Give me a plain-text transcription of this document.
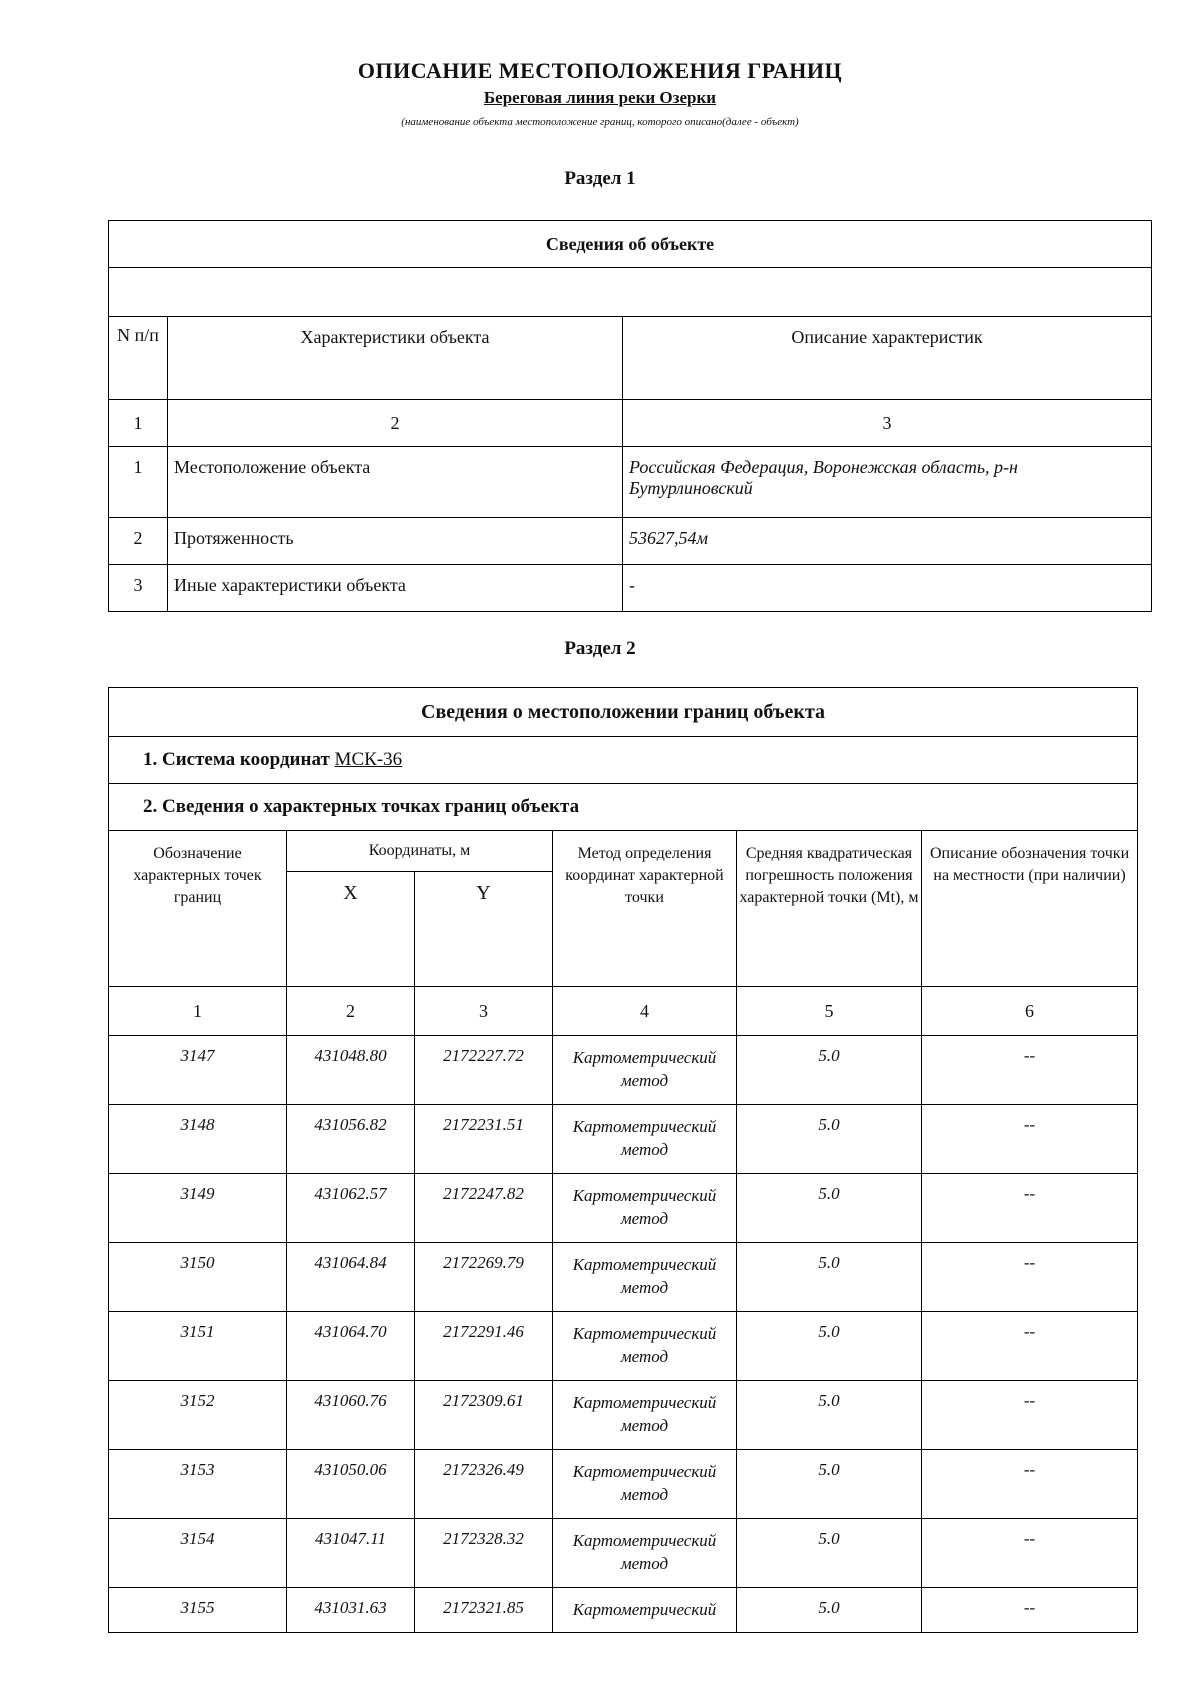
ОПИСАНИЕ МЕСТОПОЛОЖЕНИЯ ГРАНИЦ
Береговая линия реки Озерки
(наименование объекта местоположение границ, которого описано(далее - объект)
Раздел 1
Сведения об объекте		

N п/п	Характеристики объекта	Описание характеристик
1	2	3
1	Местоположение объекта	Российская Федерация, Воронежская область, р-н Бутурлиновский
2	Протяженность	53627,54м
3	Иные характеристики объекта	-
Раздел 2
Сведения о местоположении границ объекта					
1. Система координат МСК-36					
2. Сведения о характерных точках границ объекта					
Обозначение характерных точек границ	Координаты, м		Метод определения координат характерной точки	Средняя квадратическая погрешность положения характерной точки (Мt), м	Описание обозначения точки на местности (при наличии)
	X	Y			
1	2	3	4	5	6
3147	431048.80	2172227.72	Картометрический метод	5.0	--
3148	431056.82	2172231.51	Картометрический метод	5.0	--
3149	431062.57	2172247.82	Картометрический метод	5.0	--
3150	431064.84	2172269.79	Картометрический метод	5.0	--
3151	431064.70	2172291.46	Картометрический метод	5.0	--
3152	431060.76	2172309.61	Картометрический метод	5.0	--
3153	431050.06	2172326.49	Картометрический метод	5.0	--
3154	431047.11	2172328.32	Картометрический метод	5.0	--
3155	431031.63	2172321.85	Картометрический	5.0	--
